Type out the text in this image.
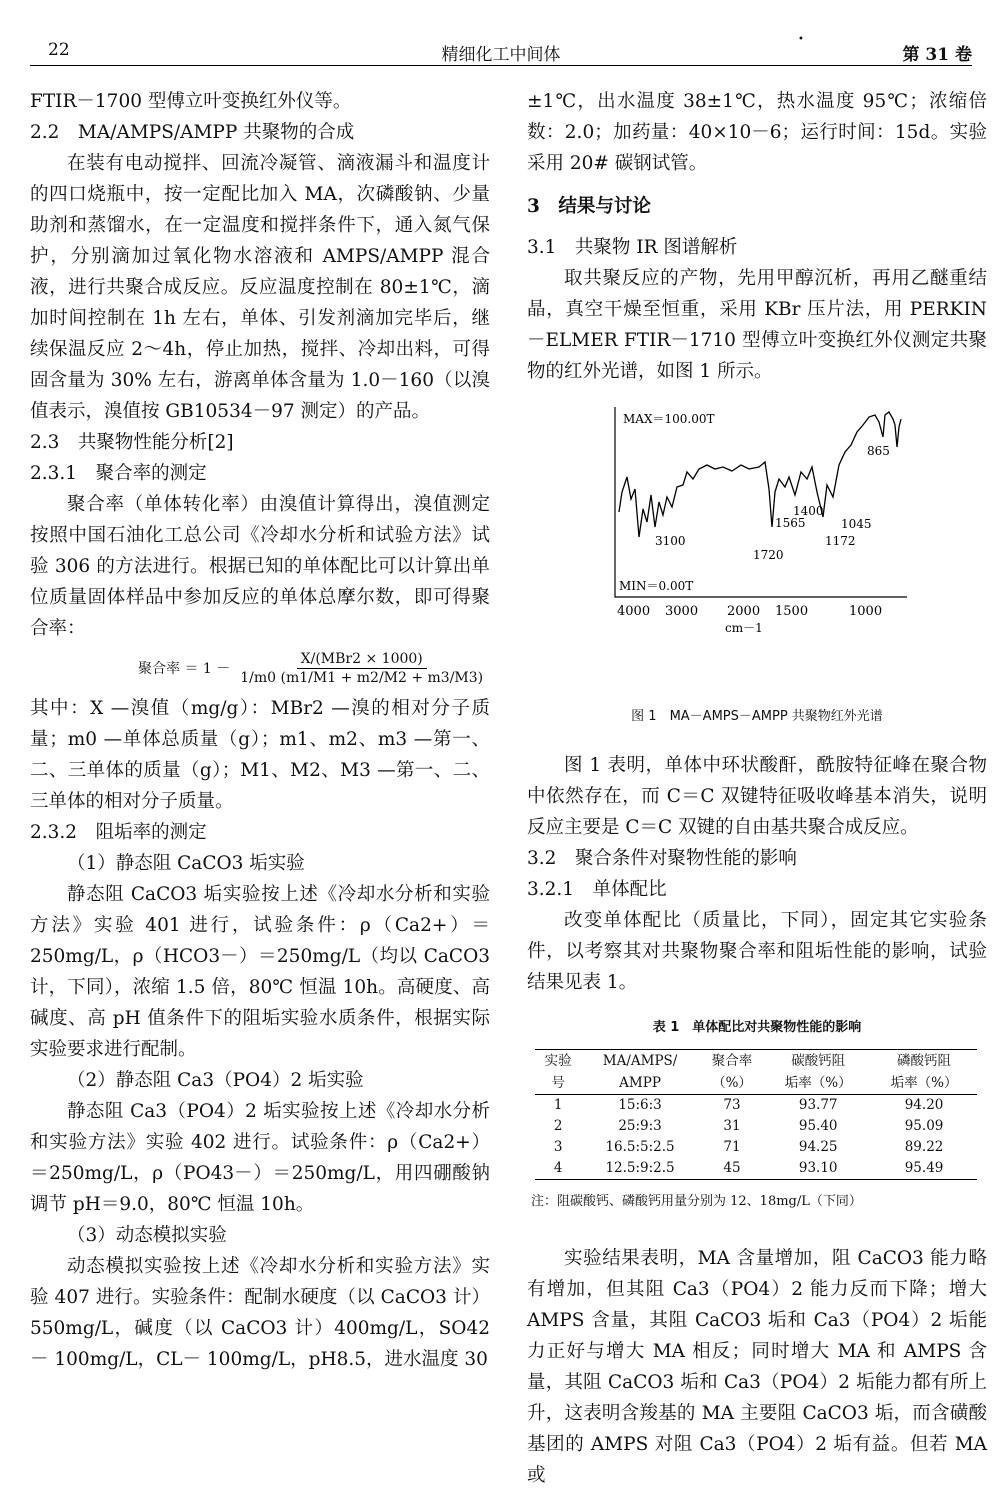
22	精细化工中间体
•
第 31 卷

FTIR－1700 型傅立叶变换红外仪等。

2.2　MA/AMPS/AMPP 共聚物的合成

在装有电动搅拌、回流冷凝管、滴液漏斗和温度计的四口烧瓶中，按一定配比加入 MA，次磷酸钠、少量助剂和蒸馏水，在一定温度和搅拌条件下，通入氮气保护，分别滴加过氧化物水溶液和 AMPS/AMPP 混合液，进行共聚合成反应。反应温度控制在 80±1℃，滴加时间控制在 1h 左右，单体、引发剂滴加完毕后，继续保温反应 2～4h，停止加热，搅拌、冷却出料，可得固含量为 30% 左右，游离单体含量为 1.0－160（以溴值表示，溴值按 GB10534－97 测定）的产品。

2.3　共聚物性能分析[2]

2.3.1　聚合率的测定

聚合率（单体转化率）由溴值计算得出，溴值测定按照中国石油化工总公司《冷却水分析和试验方法》试验 306 的方法进行。根据已知的单体配比可以计算出单位质量固体样品中参加反应的单体总摩尔数，即可得聚合率：

聚合率 ＝ $1 - \frac{\text{X/(MBr2 × 1000)}}{1/m0 (m1/M1 + m2/M2 + m3/M3)}$

其中：X —溴值（mg/g）：MBr2 —溴的相对分子质量；m0 —单体总质量（g）；m1、m2、m3 —第一、二、三单体的质量（g）；M1、M2、M3 —第一、二、三单体的相对分子质量。

2.3.2　阻垢率的测定

（1）静态阻 CaCO3 垢实验

静态阻 CaCO3 垢实验按上述《冷却水分析和实验方法》实验 401 进行，试验条件：ρ（Ca2+）＝250mg/L，ρ（HCO3－）＝250mg/L（均以 CaCO3 计，下同），浓缩 1.5 倍，80℃ 恒温 10h。高硬度、高碱度、高 pH 值条件下的阻垢实验水质条件，根据实际实验要求进行配制。

（2）静态阻 Ca3（PO4）2 垢实验

静态阻 Ca3（PO4）2 垢实验按上述《冷却水分析和实验方法》实验 402 进行。试验条件：ρ（Ca2+）＝250mg/L，ρ（PO43－）＝250mg/L，用四硼酸钠调节 pH＝9.0，80℃ 恒温 10h。

（3）动态模拟实验

动态模拟实验按上述《冷却水分析和实验方法》实验 407 进行。实验条件：配制水硬度（以 CaCO3 计）550mg/L，碱度（以 CaCO3 计）400mg/L，SO42－ 100mg/L，CL－ 100mg/L，pH8.5，进水温度 30

±1℃，出水温度 38±1℃，热水温度 95℃；浓缩倍数：2.0；加药量：40×10－6；运行时间：15d。实验采用 20# 碳钢试管。

3　结果与讨论

3.1　共聚物 IR 图谱解析

取共聚反应的产物，先用甲醇沉析，再用乙醚重结晶，真空干燥至恒重，采用 KBr 压片法，用 PERKIN－ELMER FTIR－1710 型傅立叶变换红外仪测定共聚物的红外光谱，如图 1 所示。

MAX＝100.00T
MIN＝0.00T
865
1400
1565	1045
1172
3100
1720
4000 3000 2000 1500	1000
cm－1
图 1　MA－AMPS－AMPP 共聚物红外光谱

图 1 表明，单体中环状酸酐，酰胺特征峰在聚合物中依然存在，而 C＝C 双键特征吸收峰基本消失，说明反应主要是 C＝C 双键的自由基共聚合成反应。

3.2　聚合条件对聚物性能的影响

3.2.1　单体配比

改变单体配比（质量比，下同），固定其它实验条件，以考察其对共聚物聚合率和阻垢性能的影响，试验结果见表 1。

表 1　单体配比对共聚物性能的影响
实验	MA/AMPS/	聚合率	碳酸钙阻	磷酸钙阻
号	AMPP	（%）	垢率（%）	垢率（%）
1	15:6:3	73	93.77	94.20
2	25:9:3	31	95.40	95.09
3	16.5:5:2.5	71	94.25	89.22
4	12.5:9:2.5	45	93.10	95.49
注：阻碳酸钙、磷酸钙用量分别为 12、18mg/L（下同）

实验结果表明，MA 含量增加，阻 CaCO3 能力略有增加，但其阻 Ca3（PO4）2 能力反而下降；增大 AMPS 含量，其阻 CaCO3 垢和 Ca3（PO4）2 垢能力正好与增大 MA 相反；同时增大 MA 和 AMPS 含量，其阻 CaCO3 垢和 Ca3（PO4）2 垢能力都有所上升，这表明含羧基的 MA 主要阻 CaCO3 垢，而含磺酸基团的 AMPS 对阻 Ca3（PO4）2 垢有益。但若 MA 或
